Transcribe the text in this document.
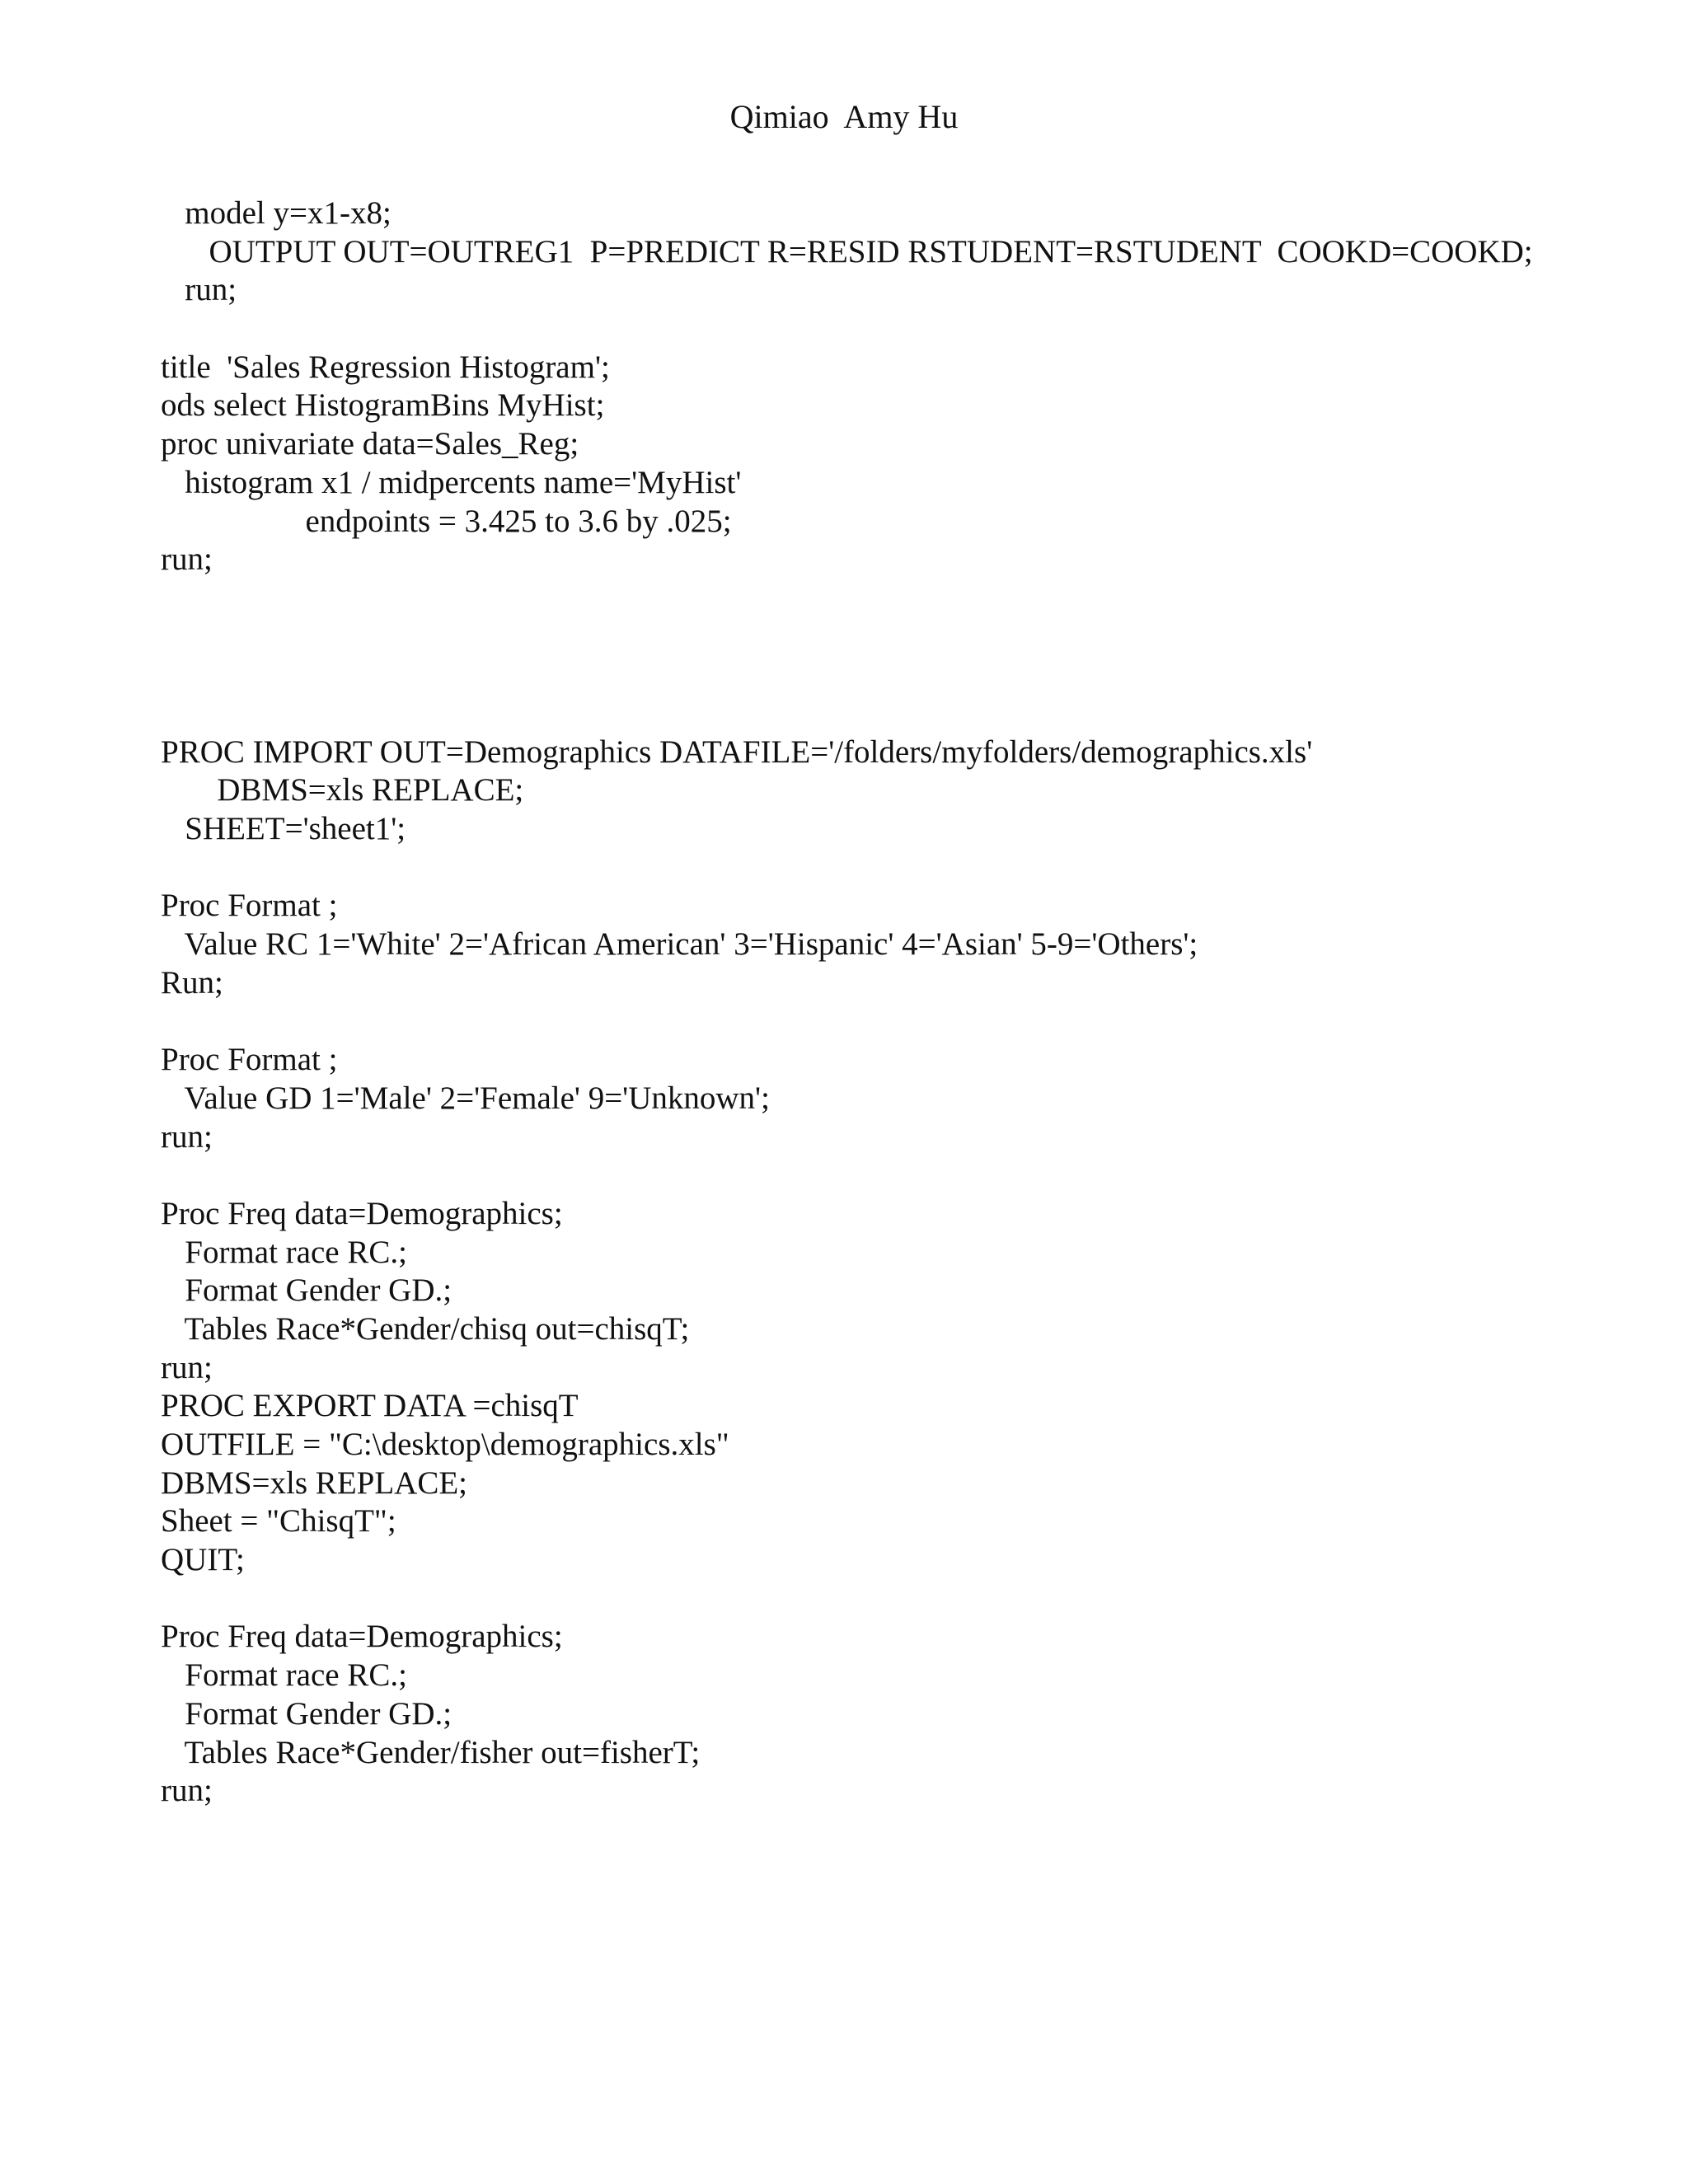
Qimiao  Amy Hu
model y=x1-x8;
OUTPUT OUT=OUTREG1  P=PREDICT R=RESID RSTUDENT=RSTUDENT  COOKD=COOKD;
run;
title  'Sales Regression Histogram';
ods select HistogramBins MyHist;
proc univariate data=Sales_Reg;
histogram x1 / midpercents name='MyHist'
endpoints = 3.425 to 3.6 by .025;
run;
PROC IMPORT OUT=Demographics DATAFILE='/folders/myfolders/demographics.xls'
DBMS=xls REPLACE;
SHEET='sheet1';
Proc Format ;
Value RC 1='White' 2='African American' 3='Hispanic' 4='Asian' 5-9='Others';
Run;
Proc Format ;
Value GD 1='Male' 2='Female' 9='Unknown';
run;
Proc Freq data=Demographics;
Format race RC.;
Format Gender GD.;
Tables Race*Gender/chisq out=chisqT;
run;
PROC EXPORT DATA =chisqT
OUTFILE = "C:\desktop\demographics.xls"
DBMS=xls REPLACE;
Sheet = "ChisqT";
QUIT;
Proc Freq data=Demographics;
Format race RC.;
Format Gender GD.;
Tables Race*Gender/fisher out=fisherT;
run;
